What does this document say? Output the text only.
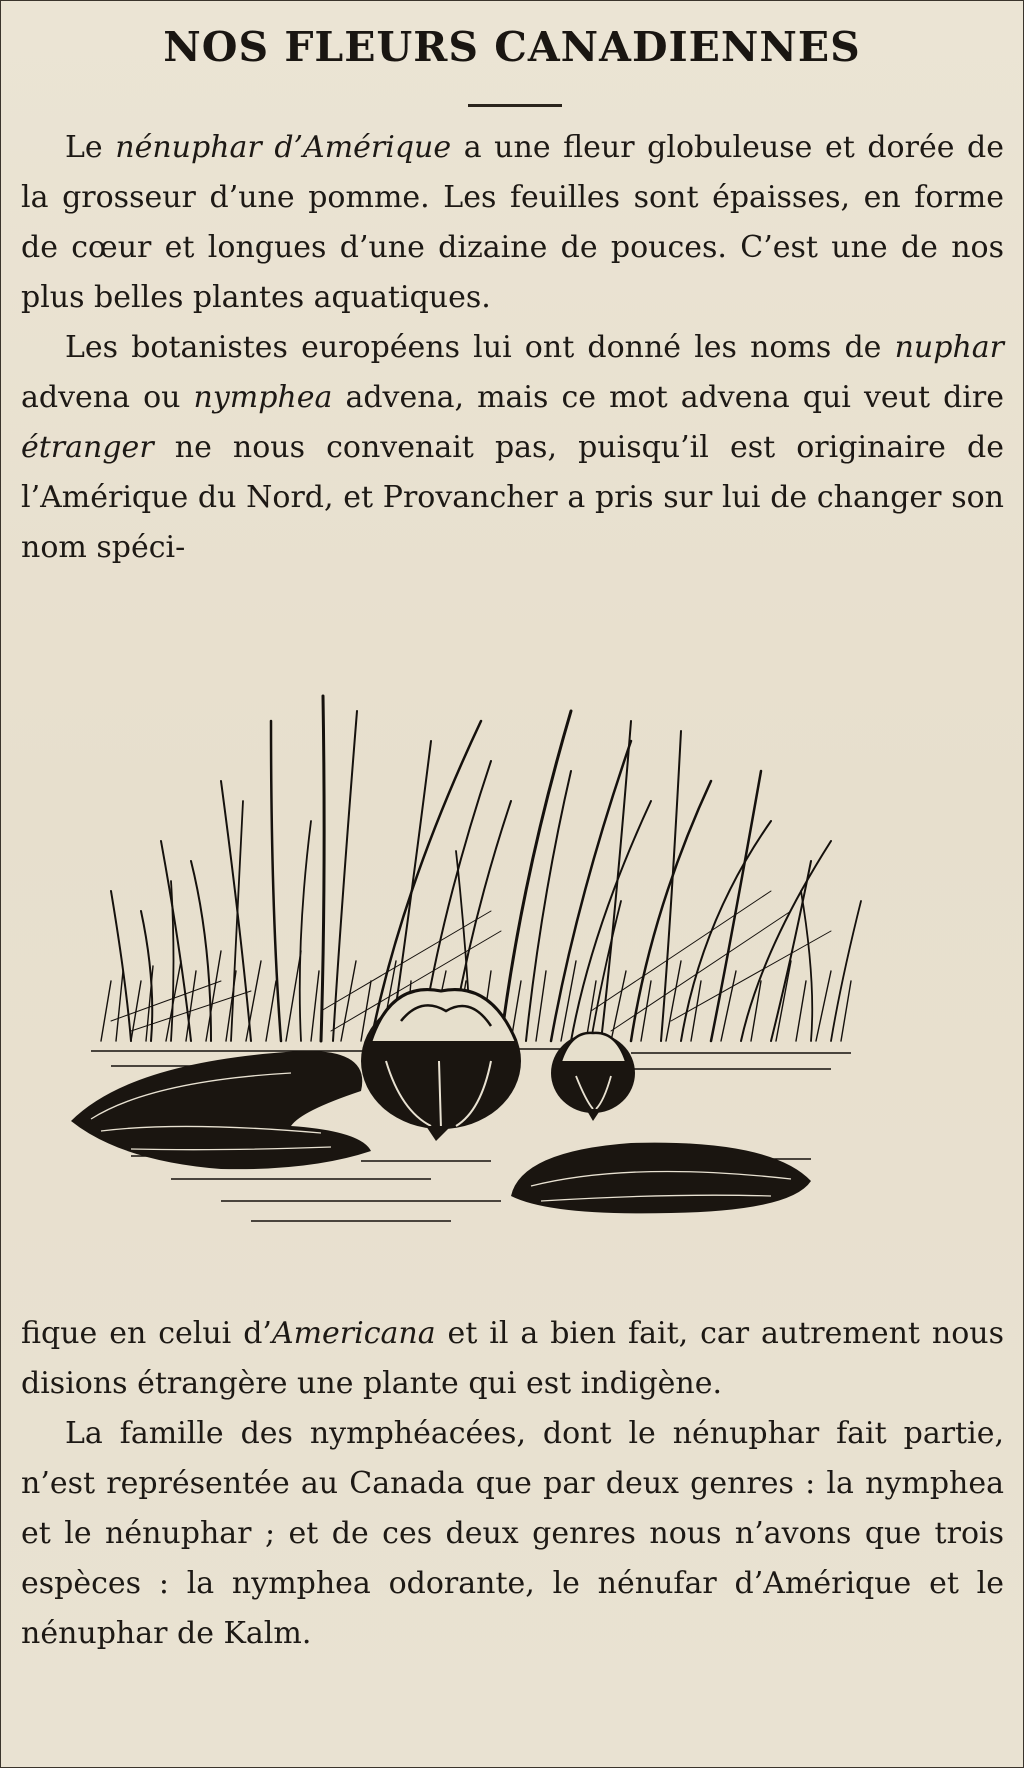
NOS FLEURS CANADIENNES

Le nénuphar d’Amérique a une fleur globuleuse et dorée de la grosseur d’une pomme. Les feuilles sont épaisses, en forme de cœur et longues d’une dizaine de pouces. C’est une de nos plus belles plantes aquatiques.

Les botanistes européens lui ont donné les noms de nuphar advena ou nymphea advena, mais ce mot advena qui veut dire étranger ne nous convenait pas, puisqu’il est originaire de l’Amérique du Nord, et Provancher a pris sur lui de changer son nom spéci-

fique en celui d’Americana et il a bien fait, car autrement nous disions étrangère une plante qui est indigène.

La famille des nymphéacées, dont le nénuphar fait partie, n’est représentée au Canada que par deux genres : la nymphea et le nénuphar ; et de ces deux genres nous n’avons que trois espèces : la nymphea odorante, le nénufar d’Amérique et le nénuphar de Kalm.
